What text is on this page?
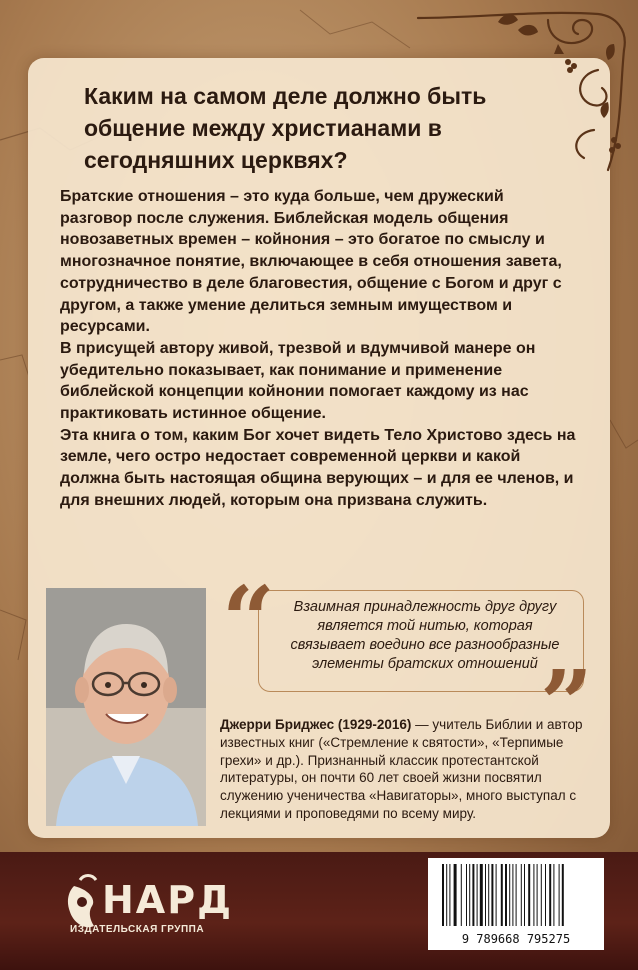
Каким на самом деле должно быть общение между христианами в сегодняшних церквях?

Братские отношения – это куда больше, чем дружеский разговор после служения. Библейская модель общения новозаветных времен – койнония – это богатое по смыслу и многозначное понятие, включающее в себя отношения завета, сотрудничество в деле благовестия, общение с Богом и друг с другом, а также умение делиться земным имуществом и ресурсами.

В присущей автору живой, трезвой и вдумчивой манере он убедительно показывает, как понимание и применение библейской концепции койнонии помогает каждому из нас практиковать истинное общение.

Эта книга о том, каким Бог хочет видеть Тело Христово здесь на земле, чего остро недостает современной церкви и какой должна быть настоящая община верующих – и для ее членов, и для внешних людей, которым она призвана служить.

“	Взаимная принадлежность друг другу является той нитью, которая связывает воедино все разнообразные элементы братских отношений ”
Джерри Бриджес (1929-2016) — учитель Библии и автор известных книг («Стремление к святости», «Терпимые грехи» и др.). Признанный классик протестантской литературы, он почти 60 лет своей жизни посвятил служению ученичества «Навигаторы», много выступал с лекциями и проповедями по всему миру.
НАРД
ИЗДАТЕЛЬСКАЯ ГРУППА
9 789668 795275
